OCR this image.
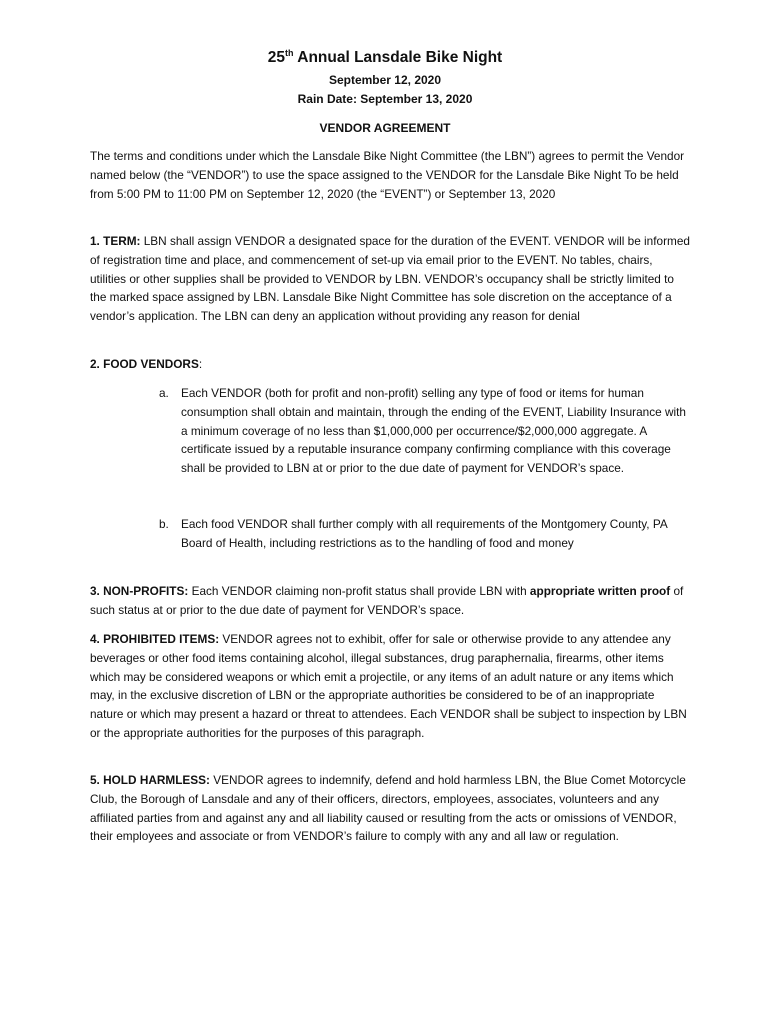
25th Annual Lansdale Bike Night
September 12, 2020
Rain Date: September 13, 2020
VENDOR AGREEMENT
The terms and conditions under which the Lansdale Bike Night Committee (the LBN”) agrees to permit the Vendor named below (the “VENDOR”) to use the space assigned to the VENDOR for the Lansdale Bike Night To be held from 5:00 PM to 11:00 PM on September 12, 2020 (the “EVENT”) or September 13, 2020
1. TERM: LBN shall assign VENDOR a designated space for the duration of the EVENT. VENDOR will be informed of registration time and place, and commencement of set-up via email prior to the EVENT. No tables, chairs, utilities or other supplies shall be provided to VENDOR by LBN. VENDOR’s occupancy shall be strictly limited to the marked space assigned by LBN. Lansdale Bike Night Committee has sole discretion on the acceptance of a vendor’s application. The LBN can deny an application without providing any reason for denial
2. FOOD VENDORS:
a. Each VENDOR (both for profit and non-profit) selling any type of food or items for human consumption shall obtain and maintain, through the ending of the EVENT, Liability Insurance with a minimum coverage of no less than $1,000,000 per occurrence/$2,000,000 aggregate. A certificate issued by a reputable insurance company confirming compliance with this coverage shall be provided to LBN at or prior to the due date of payment for VENDOR’s space.
b. Each food VENDOR shall further comply with all requirements of the Montgomery County, PA Board of Health, including restrictions as to the handling of food and money
3. NON-PROFITS: Each VENDOR claiming non-profit status shall provide LBN with appropriate written proof of such status at or prior to the due date of payment for VENDOR’s space.
4. PROHIBITED ITEMS: VENDOR agrees not to exhibit, offer for sale or otherwise provide to any attendee any beverages or other food items containing alcohol, illegal substances, drug paraphernalia, firearms, other items which may be considered weapons or which emit a projectile, or any items of an adult nature or any items which may, in the exclusive discretion of LBN or the appropriate authorities be considered to be of an inappropriate nature or which may present a hazard or threat to attendees. Each VENDOR shall be subject to inspection by LBN or the appropriate authorities for the purposes of this paragraph.
5. HOLD HARMLESS: VENDOR agrees to indemnify, defend and hold harmless LBN, the Blue Comet Motorcycle Club, the Borough of Lansdale and any of their officers, directors, employees, associates, volunteers and any affiliated parties from and against any and all liability caused or resulting from the acts or omissions of VENDOR, their employees and associate or from VENDOR’s failure to comply with any and all law or regulation.
